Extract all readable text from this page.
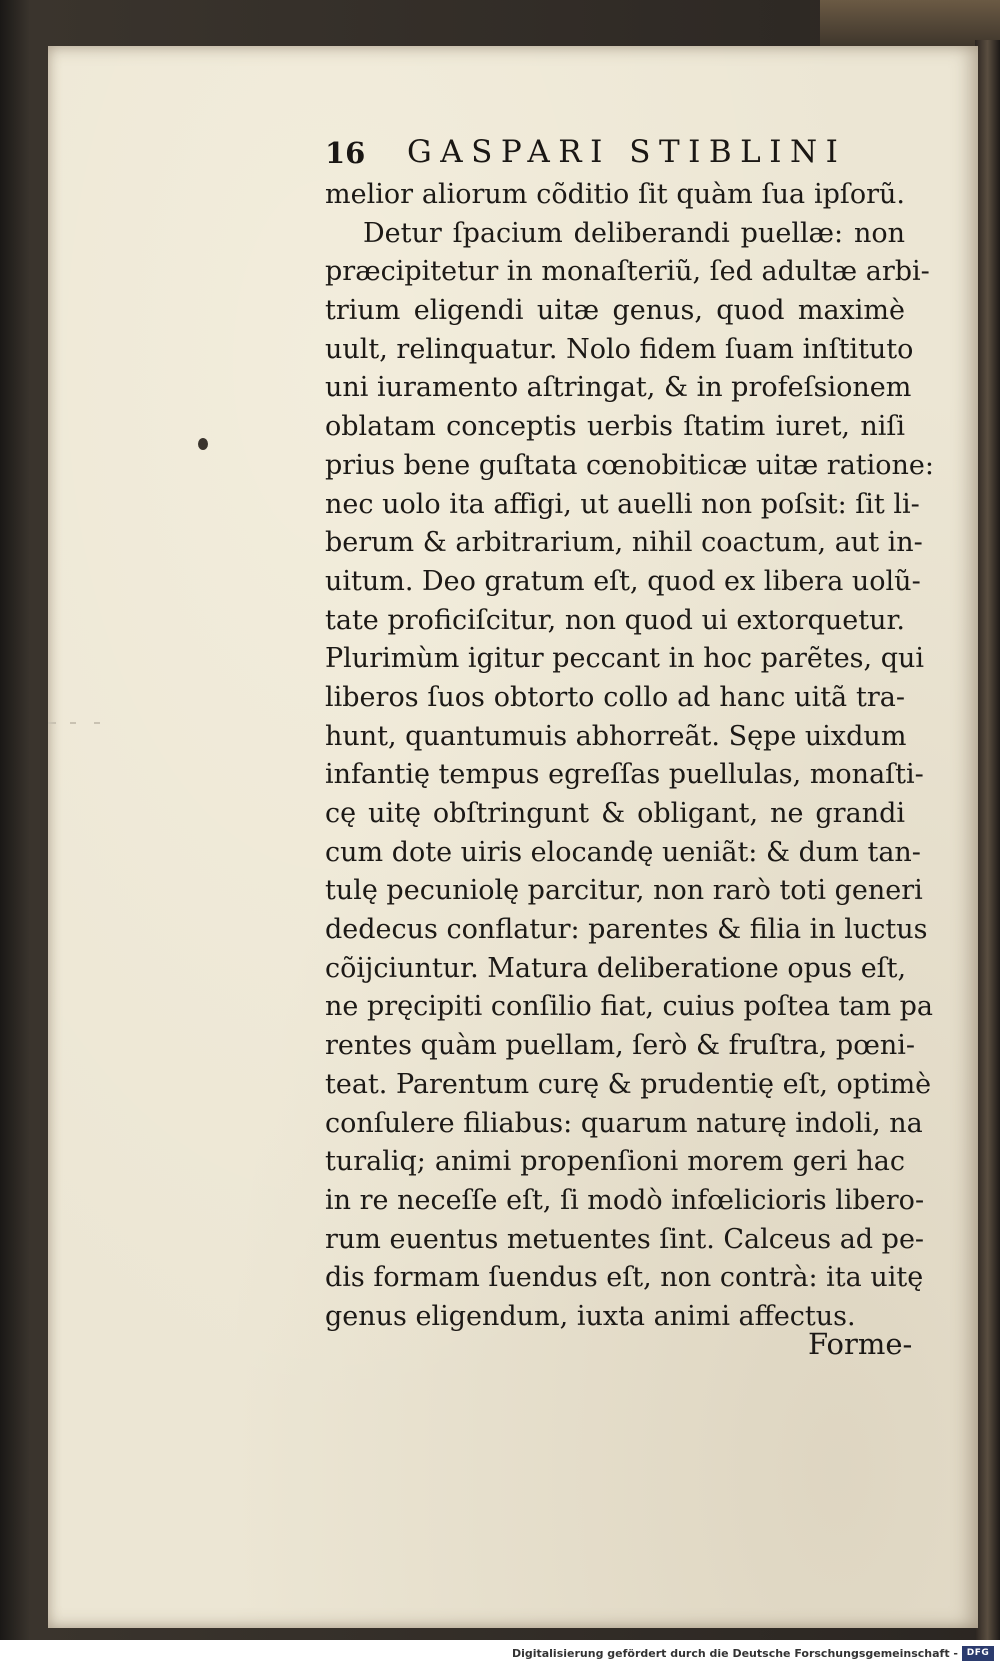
16 GASPARI STIBLINI
melior aliorum cõditio ſit quàm ſua ipſorũ.
Detur ſpacium deliberandi puellæ: non
præcipitetur in monaſteriũ, ſed adultæ arbi-
trium eligendi uitæ genus, quod maximè
uult, relinquatur. Nolo fidem ſuam inſtituto
uni iuramento aſtringat, & in profeſsionem
oblatam conceptis uerbis ſtatim iuret, niſi
prius bene guſtata cœnobiticæ uitæ ratione:
nec uolo ita affigi, ut auelli non poſsit: ſit li-
berum & arbitrarium, nihil coactum, aut in-
uitum. Deo gratum eſt, quod ex libera uolũ-
tate proficiſcitur, non quod ui extorquetur.
Plurimùm igitur peccant in hoc parẽtes, qui
liberos ſuos obtorto collo ad hanc uitã tra-
hunt, quantumuis abhorreãt. Sępe uixdum
infantię tempus egreſſas puellulas, monaſti-
cę uitę obſtringunt & obligant, ne grandi
cum dote uiris elocandę ueniãt: & dum tan-
tulę pecuniolę parcitur, non rarò toti generi
dedecus conflatur: parentes & filia in luctus
cõijciuntur. Matura deliberatione opus eſt,
ne pręcipiti conſilio fiat, cuius poſtea tam pa
rentes quàm puellam, ſerò & fruſtra, pœni-
teat. Parentum curę & prudentię eſt, optimè
conſulere filiabus: quarum naturę indoli, na
turaliq; animi propenſioni morem geri hac
in re neceſſe eſt, ſi modò infœlicioris libero-
rum euentus metuentes ſint. Calceus ad pe-
dis formam ſuendus eſt, non contrà: ita uitę
genus eligendum, iuxta animi affectus.
Forme-
Digitalisierung gefördert durch die Deutsche Forschungsgemeinschaft - DFG
